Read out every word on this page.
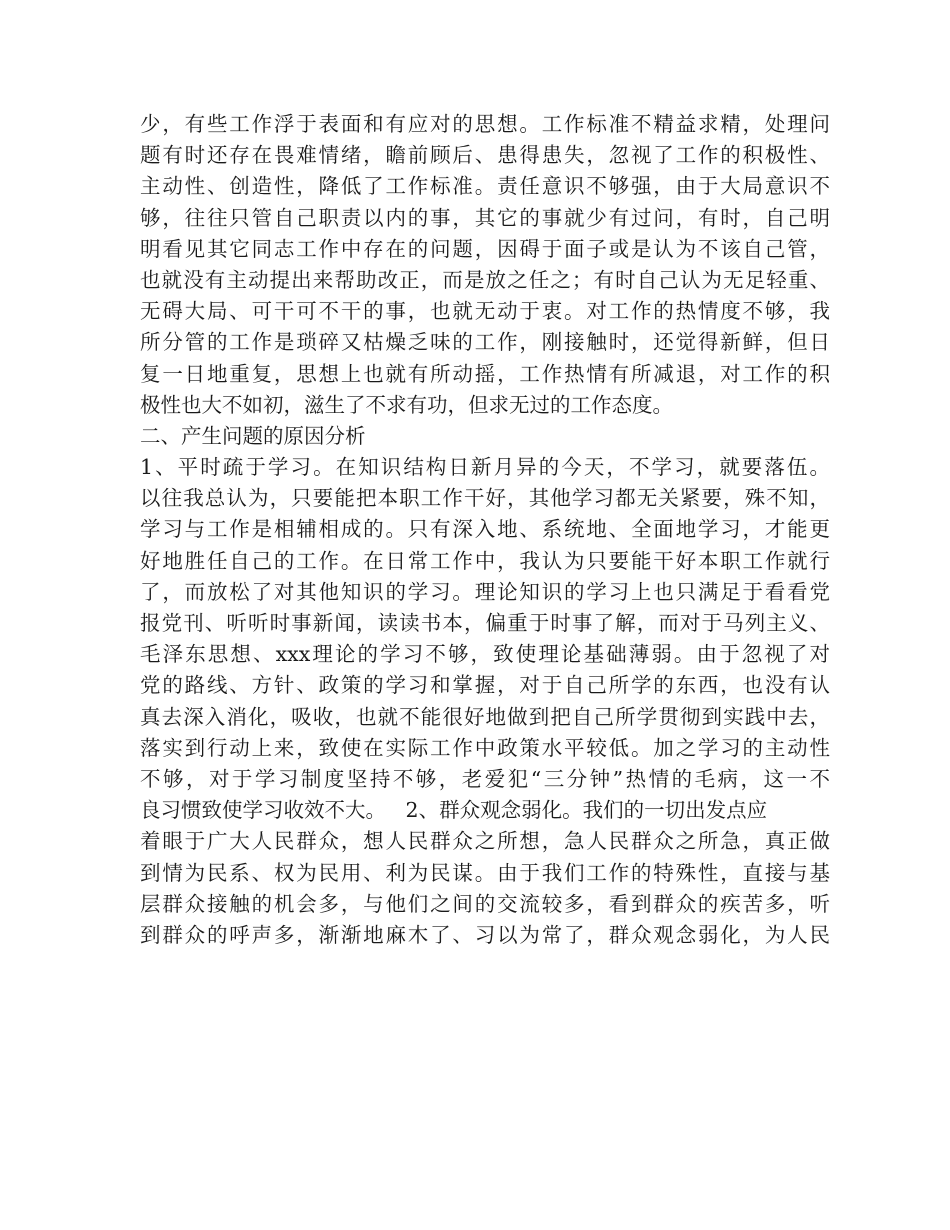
少，有些工作浮于表面和有应对的思想。工作标准不精益求精，处理问
题有时还存在畏难情绪，瞻前顾后、患得患失，忽视了工作的积极性、
主动性、创造性，降低了工作标准。责任意识不够强，由于大局意识不
够，往往只管自己职责以内的事，其它的事就少有过问，有时，自己明
明看见其它同志工作中存在的问题，因碍于面子或是认为不该自己管，
也就没有主动提出来帮助改正，而是放之任之；有时自己认为无足轻重、
无碍大局、可干可不干的事，也就无动于衷。对工作的热情度不够，我
所分管的工作是琐碎又枯燥乏味的工作，刚接触时，还觉得新鲜，但日
复一日地重复，思想上也就有所动摇，工作热情有所减退，对工作的积
极性也大不如初，滋生了不求有功，但求无过的工作态度。
二、产生问题的原因分析
1、平时疏于学习。在知识结构日新月异的今天，不学习，就要落伍。
以往我总认为，只要能把本职工作干好，其他学习都无关紧要，殊不知，
学习与工作是相辅相成的。只有深入地、系统地、全面地学习，才能更
好地胜任自己的工作。在日常工作中，我认为只要能干好本职工作就行
了，而放松了对其他知识的学习。理论知识的学习上也只满足于看看党
报党刊、听听时事新闻，读读书本，偏重于时事了解，而对于马列主义、
毛泽东思想、xxx理论的学习不够，致使理论基础薄弱。由于忽视了对
党的路线、方针、政策的学习和掌握，对于自己所学的东西，也没有认
真去深入消化，吸收，也就不能很好地做到把自己所学贯彻到实践中去，
落实到行动上来，致使在实际工作中政策水平较低。加之学习的主动性
不够，对于学习制度坚持不够，老爱犯“三分钟”热情的毛病，这一不
良习惯致使学习收效不大。   2、群众观念弱化。我们的一切出发点应
着眼于广大人民群众，想人民群众之所想，急人民群众之所急，真正做
到情为民系、权为民用、利为民谋。由于我们工作的特殊性，直接与基
层群众接触的机会多，与他们之间的交流较多，看到群众的疾苦多，听
到群众的呼声多，渐渐地麻木了、习以为常了，群众观念弱化，为人民
